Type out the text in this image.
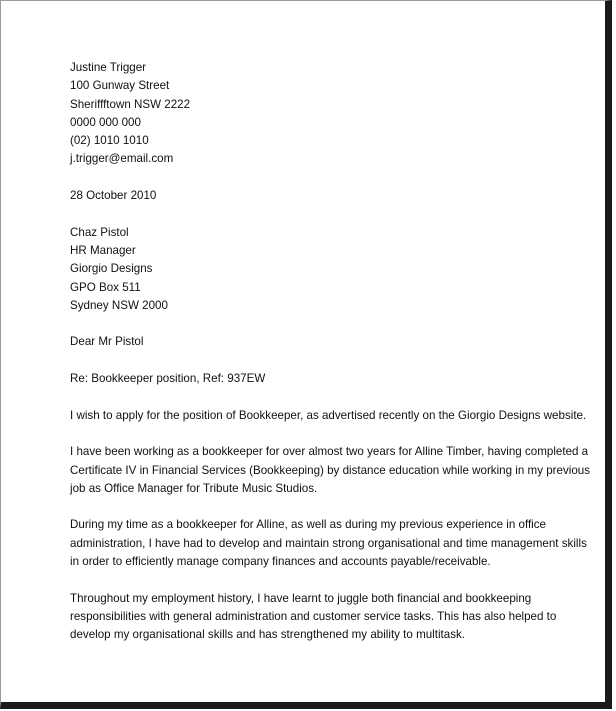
Justine Trigger
100 Gunway Street
Sheriffftown NSW 2222
0000 000 000
(02) 1010 1010
j.trigger@email.com
28 October 2010
Chaz Pistol
HR Manager
Giorgio Designs
GPO Box 511
Sydney NSW 2000
Dear Mr Pistol
Re: Bookkeeper position, Ref: 937EW
I wish to apply for the position of Bookkeeper, as advertised recently on the Giorgio Designs website.
I have been working as a bookkeeper for over almost two years for Alline Timber, having completed a
Certificate IV in Financial Services (Bookkeeping) by distance education while working in my previous
job as Office Manager for Tribute Music Studios.
During my time as a bookkeeper for Alline, as well as during my previous experience in office
administration, I have had to develop and maintain strong organisational and time management skills
in order to efficiently manage company finances and accounts payable/receivable.
Throughout my employment history, I have learnt to juggle both financial and bookkeeping
responsibilities with general administration and customer service tasks. This has also helped to
develop my organisational skills and has strengthened my ability to multitask.
